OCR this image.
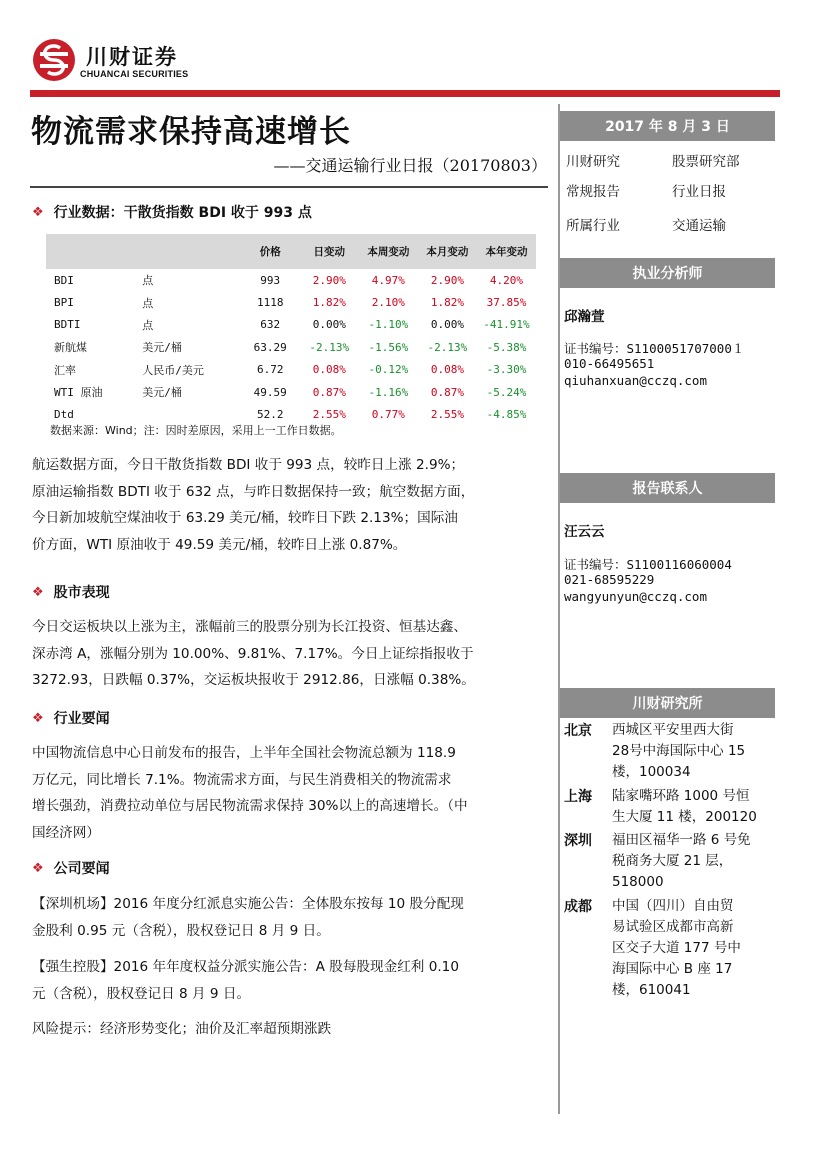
川财证券
CHUANCAI SECURITIES
物流需求保持高速增长
——交通运输行业日报（20170803）
❖ 行业数据：干散货指数 BDI 收于 993 点
		价格	日变动	本周变动	本月变动	本年变动
BDI	点	993	2.90%	4.97%	2.90%	4.20%
BPI	点	1118	1.82%	2.10%	1.82%	37.85%
BDTI	点	632	0.00%	-1.10%	0.00%	-41.91%
新航煤	美元/桶	63.29	-2.13%	-1.56%	-2.13%	-5.38%
汇率	人民币/美元	6.72	0.08%	-0.12%	0.08%	-3.30%
WTI 原油	美元/桶	49.59	0.87%	-1.16%	0.87%	-5.24%
Dtd		52.2	2.55%	0.77%	2.55%	-4.85%
数据来源：Wind；注：因时差原因，采用上一工作日数据。
航运数据方面，今日干散货指数 BDI 收于 993 点，较昨日上涨 2.9%；
原油运输指数 BDTI 收于 632 点，与昨日数据保持一致；航空数据方面，
今日新加坡航空煤油收于 63.29 美元/桶，较昨日下跌 2.13%；国际油
价方面，WTI 原油收于 49.59 美元/桶，较昨日上涨 0.87%。
❖ 股市表现
今日交运板块以上涨为主，涨幅前三的股票分别为长江投资、恒基达鑫、
深赤湾 A，涨幅分别为 10.00%、9.81%、7.17%。今日上证综指报收于
3272.93，日跌幅 0.37%，交运板块报收于 2912.86，日涨幅 0.38%。
❖ 行业要闻
中国物流信息中心日前发布的报告，上半年全国社会物流总额为 118.9
万亿元，同比增长 7.1%。物流需求方面，与民生消费相关的物流需求
增长强劲，消费拉动单位与居民物流需求保持 30%以上的高速增长。（中
国经济网）
❖ 公司要闻
【深圳机场】2016 年度分红派息实施公告：全体股东按每 10 股分配现
金股利 0.95 元（含税），股权登记日 8 月 9 日。
【强生控股】2016 年年度权益分派实施公告：A 股每股现金红利 0.10
元（含税），股权登记日 8 月 9 日。
风险提示：经济形势变化；油价及汇率超预期涨跌
2017 年 8 月 3 日
川财研究	股票研究部
常规报告	行业日报
所属行业	交通运输
执业分析师
邱瀚萱
证书编号：S1100051707000１
010-66495651
qiuhanxuan@cczq.com
报告联系人
汪云云
证书编号：S1100116060004
021-68595229
wangyunyun@cczq.com
川财研究所
北京 西城区平安里西大街
28号中海国际中心 15
楼，100034
上海 陆家嘴环路 1000 号恒
生大厦 11 楼，200120
深圳 福田区福华一路 6 号免
税商务大厦 21 层，
518000
成都 中国（四川）自由贸
易试验区成都市高新
区交子大道 177 号中
海国际中心 B 座 17
楼，610041
